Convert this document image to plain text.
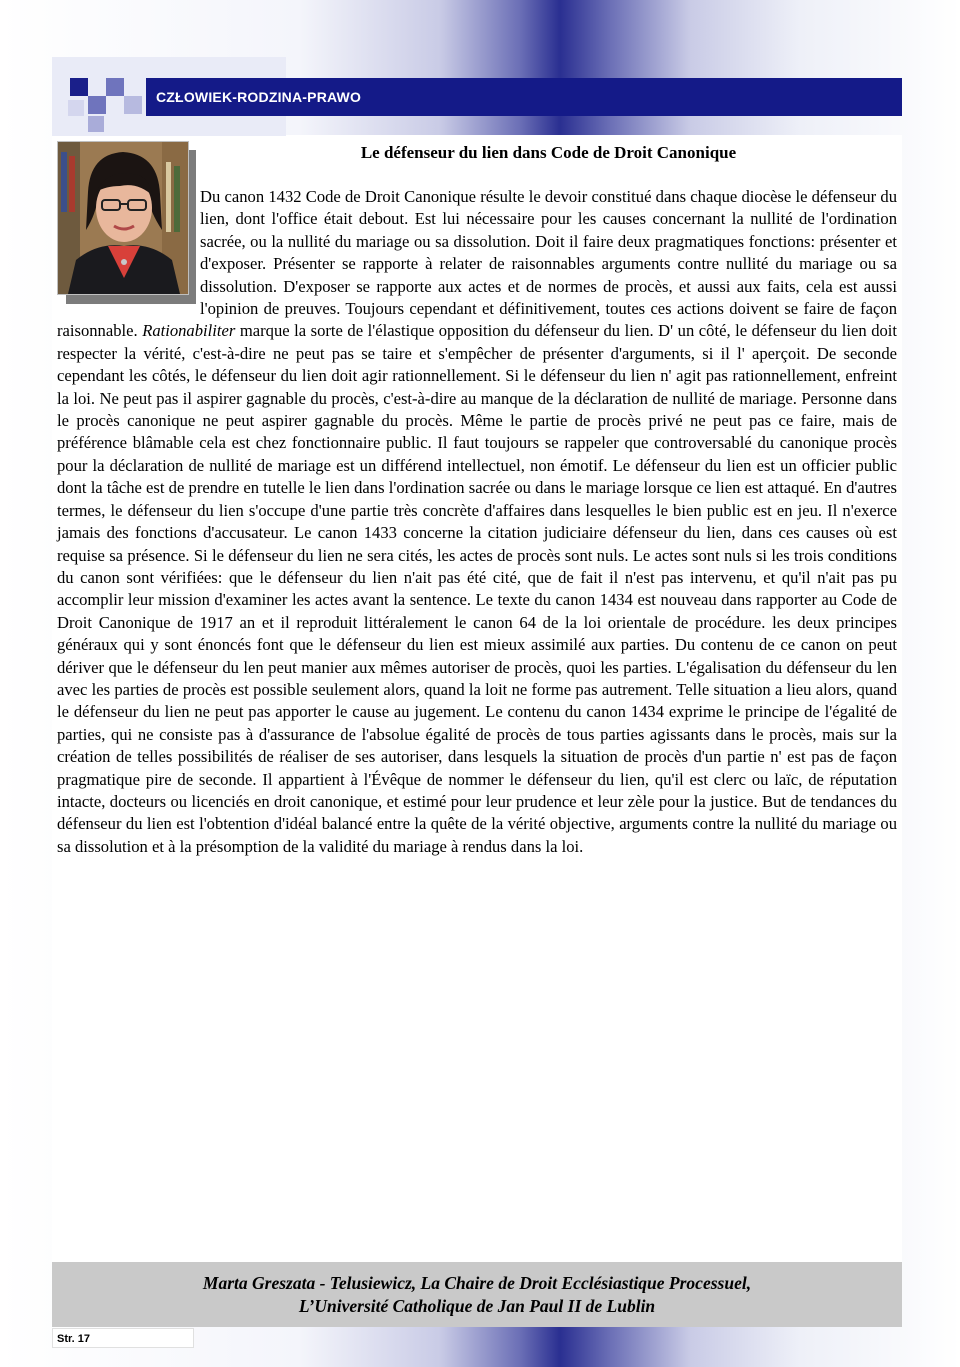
CZŁOWIEK-RODZINA-PRAWO
Le défenseur du lien dans Code de Droit Canonique

Du canon 1432 Code de Droit Canonique résulte le devoir constitué dans chaque diocèse le défenseur du lien, dont l'office était debout. Est lui nécessaire pour les causes concernant la nullité de l'ordination sacrée, ou la nullité du mariage ou sa dissolution. Doit il faire deux pragmatiques fonctions: présenter et d'exposer. Présenter se rapporte à relater de raisonnables arguments contre nullité du mariage ou sa dissolution. D'exposer se rapporte aux actes et de normes de procès, et aussi aux faits, cela est aussi l'opinion de preuves. Toujours cependant et définitivement, toutes ces actions doivent se faire de façon raisonnable. Rationabiliter marque la sorte de l'élastique opposition du défenseur du lien. D' un côté, le défenseur du lien doit respecter la vérité, c'est-à-dire ne peut pas se taire et s'empêcher de présenter d'arguments, si il l' aperçoit. De seconde cependant les côtés, le défenseur du lien doit agir rationnellement. Si le défenseur du lien n' agit pas rationnellement, enfreint la loi. Ne peut pas il aspirer gagnable du procès, c'est-à-dire au manque de la déclaration de nullité de mariage. Personne dans le procès canonique ne peut aspirer gagnable du procès. Même le partie de procès privé ne peut pas ce faire, mais de préférence blâmable cela est chez fonctionnaire public. Il faut toujours se rappeler que controversablé du canonique procès pour la déclaration de nullité de mariage est un différend intellectuel, non émotif. Le défenseur du lien est un officier public dont la tâche est de prendre en tutelle le lien dans l'ordination sacrée ou dans le mariage lorsque ce lien est attaqué. En d'autres termes, le défenseur du lien s'occupe d'une partie très concrète d'affaires dans lesquelles le bien public est en jeu. Il n'exerce jamais des fonctions d'accusateur. Le canon 1433 concerne la citation judiciaire défenseur du lien, dans ces causes où est requise sa présence. Si le défenseur du lien ne sera cités, les actes de procès sont nuls. Le actes sont nuls si les trois conditions du canon sont vérifiées: que le défenseur du lien n'ait pas été cité, que de fait il n'est pas intervenu, et qu'il n'ait pas pu accomplir leur mission d'examiner les actes avant la sentence. Le texte du canon 1434 est nouveau dans rapporter au Code de Droit Canonique de 1917 an et il reproduit littéralement le canon 64 de la loi orientale de procédure. les deux principes généraux qui y sont énoncés font que le défenseur du lien est mieux assimilé aux parties. Du contenu de ce canon on peut dériver que le défenseur du len peut manier aux mêmes autoriser de procès, quoi les parties. L'égalisation du défenseur du len avec les parties de procès est possible seulement alors, quand la loit ne forme pas autrement. Telle situation a lieu alors, quand le défenseur du lien ne peut pas apporter le cause au jugement. Le contenu du canon 1434 exprime le principe de l'égalité de parties, qui ne consiste pas à d'assurance de l'absolue égalité de procès de tous parties agissants dans le procès, mais sur la création de telles possibilités de réaliser de ses autoriser, dans lesquels la situation de procès d'un partie n' est pas de façon pragmatique pire de seconde. Il appartient à l'Évêque de nommer le défenseur du lien, qu'il est clerc ou laïc, de réputation intacte, docteurs ou licenciés en droit canonique, et estimé pour leur prudence et leur zèle pour la justice. But de tendances du défenseur du lien est l'obtention d'idéal balancé entre la quête de la vérité objective, arguments contre la nullité du mariage ou sa dissolution et à la présomption de la validité du mariage à rendus dans la loi.

Marta Greszata - Telusiewicz, La Chaire de Droit Ecclésiastique Processuel,
L’Université Catholique de Jan Paul II de Lublin
Str. 17
